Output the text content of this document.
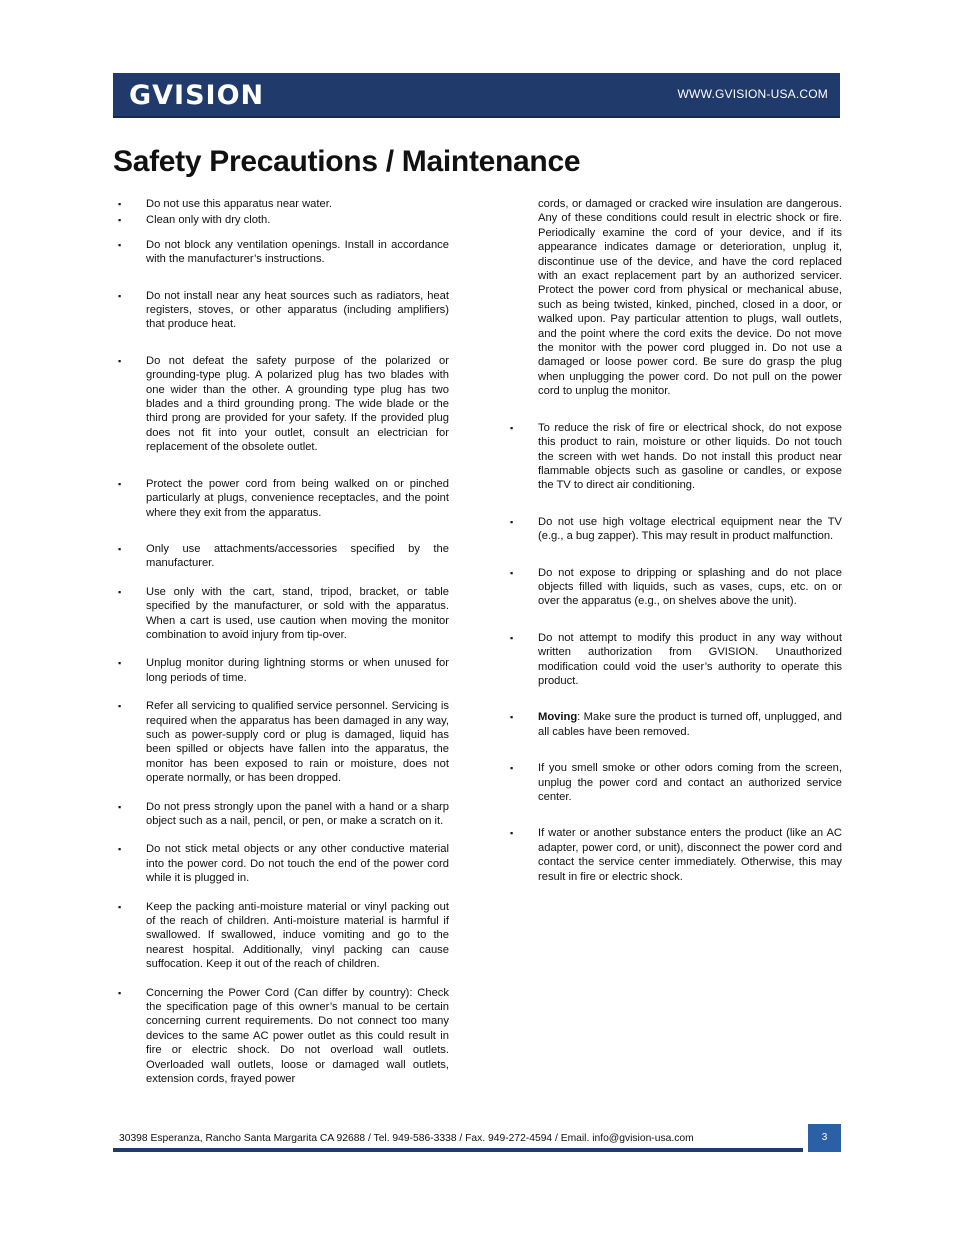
GVISION	WWW.GVISION-USA.COM
Safety Precautions / Maintenance
▪ Do not use this apparatus near water.
▪ Clean only with dry cloth.
▪ Do not block any ventilation openings. Install in accordance with the manufacturer’s instructions.
▪ Do not install near any heat sources such as radiators, heat registers, stoves, or other apparatus (including amplifiers) that produce heat.
▪ Do not defeat the safety purpose of the polarized or grounding-type plug. A polarized plug has two blades with one wider than the other. A grounding type plug has two blades and a third grounding prong. The wide blade or the third prong are provided for your safety. If the provided plug does not fit into your outlet, consult an electrician for replacement of the obsolete outlet.
▪ Protect the power cord from being walked on or pinched particularly at plugs, convenience receptacles, and the point where they exit from the apparatus.
▪ Only use attachments/accessories specified by the manufacturer.
▪ Use only with the cart, stand, tripod, bracket, or table specified by the manufacturer, or sold with the apparatus. When a cart is used, use caution when moving the monitor combination to avoid injury from tip-over.
▪ Unplug monitor during lightning storms or when unused for long periods of time.
▪ Refer all servicing to qualified service personnel. Servicing is required when the apparatus has been damaged in any way, such as power-supply cord or plug is damaged, liquid has been spilled or objects have fallen into the apparatus, the monitor has been exposed to rain or moisture, does not operate normally, or has been dropped.
▪ Do not press strongly upon the panel with a hand or a sharp object such as a nail, pencil, or pen, or make a scratch on it.
▪ Do not stick metal objects or any other conductive material into the power cord. Do not touch the end of the power cord while it is plugged in.
▪ Keep the packing anti-moisture material or vinyl packing out of the reach of children. Anti-moisture material is harmful if swallowed. If swallowed, induce vomiting and go to the nearest hospital. Additionally, vinyl packing can cause suffocation. Keep it out of the reach of children.
▪ Concerning the Power Cord (Can differ by country): Check the specification page of this owner’s manual to be certain concerning current requirements. Do not connect too many devices to the same AC power outlet as this could result in fire or electric shock. Do not overload wall outlets. Overloaded wall outlets, loose or damaged wall outlets, extension cords, frayed power
cords, or damaged or cracked wire insulation are dangerous. Any of these conditions could result in electric shock or fire. Periodically examine the cord of your device, and if its appearance indicates damage or deterioration, unplug it, discontinue use of the device, and have the cord replaced with an exact replacement part by an authorized servicer. Protect the power cord from physical or mechanical abuse, such as being twisted, kinked, pinched, closed in a door, or walked upon. Pay particular attention to plugs, wall outlets, and the point where the cord exits the device. Do not move the monitor with the power cord plugged in. Do not use a damaged or loose power cord. Be sure do grasp the plug when unplugging the power cord. Do not pull on the power cord to unplug the monitor.
▪ To reduce the risk of fire or electrical shock, do not expose this product to rain, moisture or other liquids. Do not touch the screen with wet hands. Do not install this product near flammable objects such as gasoline or candles, or expose the TV to direct air conditioning.
▪ Do not use high voltage electrical equipment near the TV (e.g., a bug zapper). This may result in product malfunction.
▪ Do not expose to dripping or splashing and do not place objects filled with liquids, such as vases, cups, etc. on or over the apparatus (e.g., on shelves above the unit).
▪ Do not attempt to modify this product in any way without written authorization from GVISION. Unauthorized modification could void the user’s authority to operate this product.
▪ Moving: Make sure the product is turned off, unplugged, and all cables have been removed.
▪ If you smell smoke or other odors coming from the screen, unplug the power cord and contact an authorized service center.
▪ If water or another substance enters the product (like an AC adapter, power cord, or unit), disconnect the power cord and contact the service center immediately. Otherwise, this may result in fire or electric shock.
30398 Esperanza, Rancho Santa Margarita CA 92688 / Tel. 949-586-3338 / Fax. 949-272-4594 / Email. info@gvision-usa.com	3
